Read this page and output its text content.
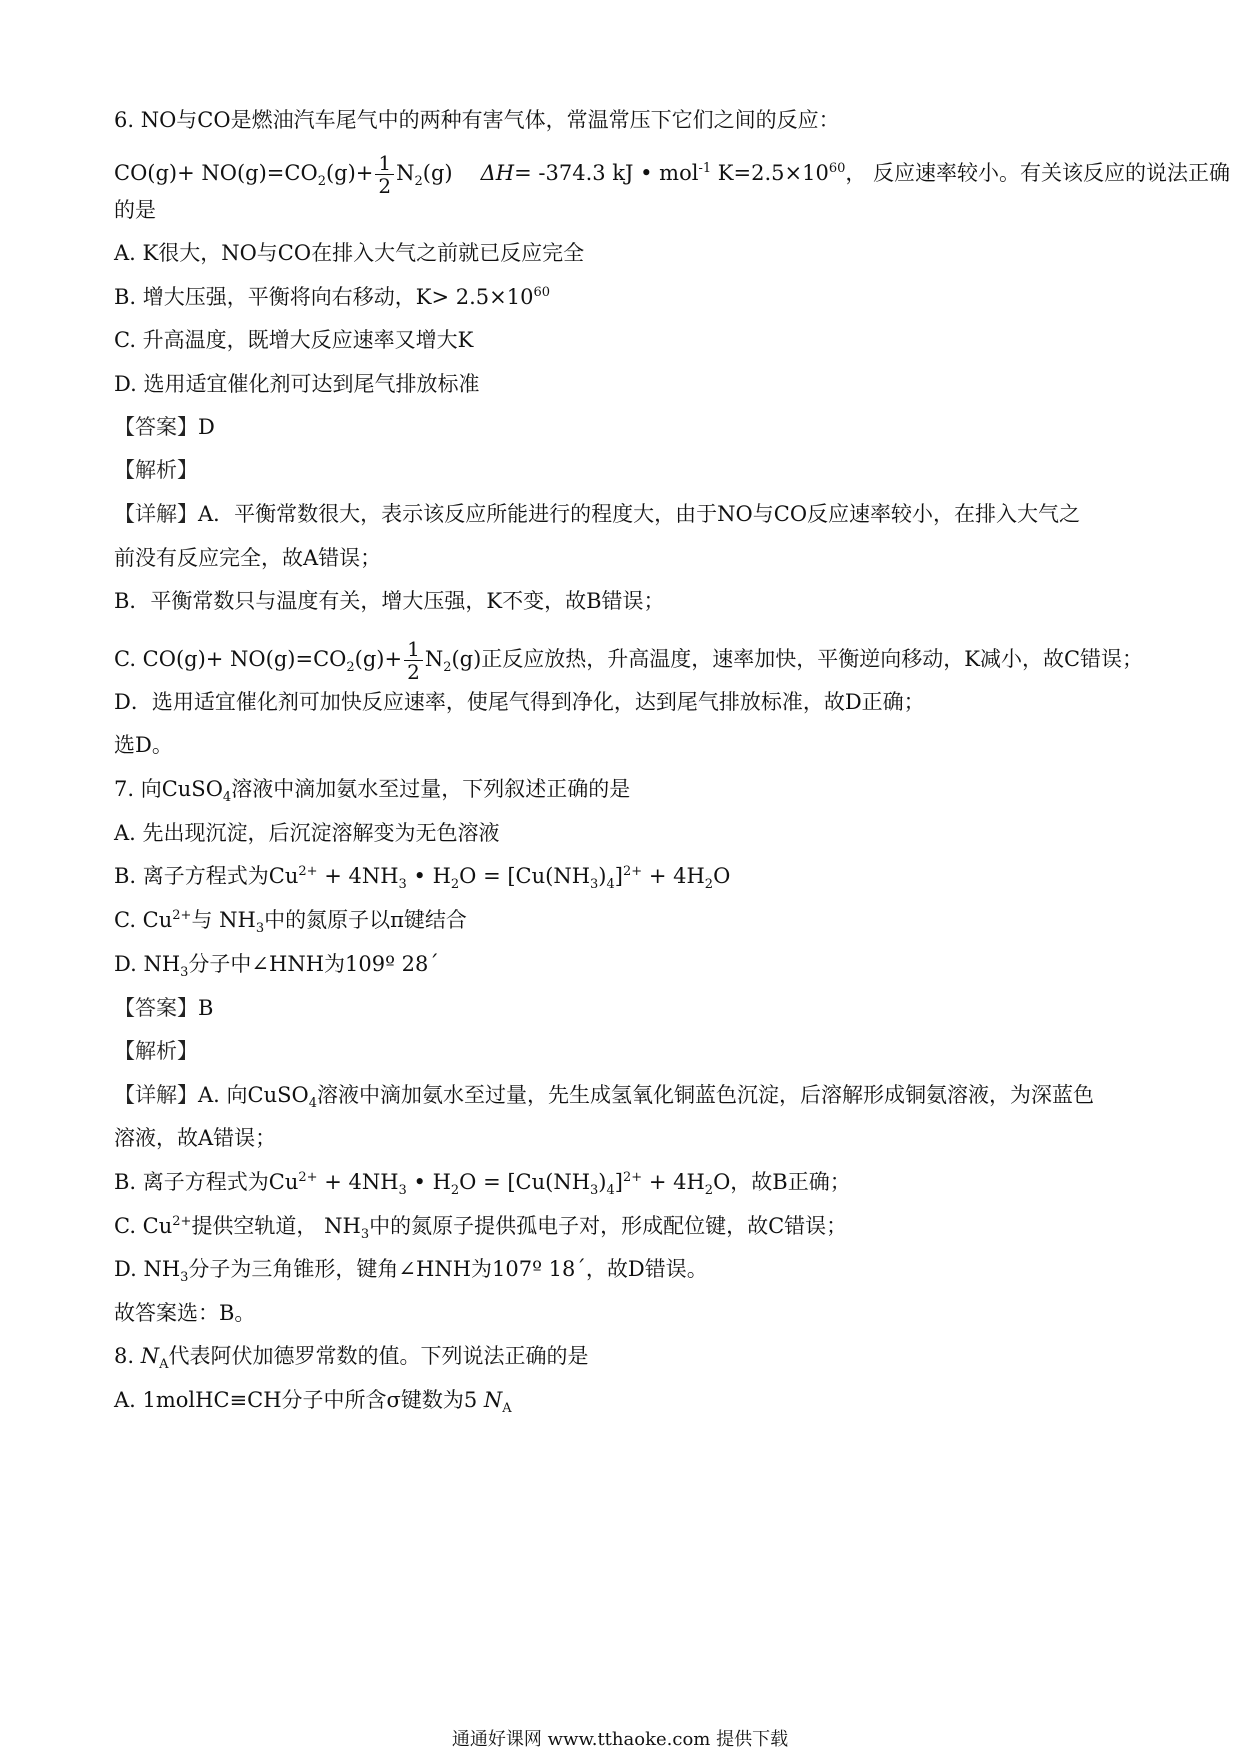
6. NO与CO是燃油汽车尾气中的两种有害气体，常温常压下它们之间的反应：
$CO(g)+ NO(g)=CO_2(g)+ \frac{1}{2} N_2(g)$ ΔH= -374.3 kJ • mol$^{-1}$ $K=2.5\times 10^{60}$， 反应速率较小。有关该反应的说法正确
的是
A. K很大，NO与CO在排入大气之前就已反应完全
B. 增大压强，平衡将向右移动，$K> 2.5\times 10^{60}$
C. 升高温度，既增大反应速率又增大K
D. 选用适宜催化剂可达到尾气排放标准
【答案】D
【解析】
【详解】A．平衡常数很大，表示该反应所能进行的程度大，由于NO与CO反应速率较小，在排入大气之
前没有反应完全，故A错误；
B．平衡常数只与温度有关，增大压强，K不变，故B错误；
C. $CO(g)+ NO(g)=CO_2(g)+ \frac{1}{2} N_2(g)$正反应放热，升高温度，速率加快，平衡逆向移动，K减小，故C错误；
D．选用适宜催化剂可加快反应速率，使尾气得到净化，达到尾气排放标准，故D正确；
选D。
7. 向CuSO$_4$溶液中滴加氨水至过量，下列叙述正确的是
A. 先出现沉淀，后沉淀溶解变为无色溶液
B. 离子方程式为$Cu^{2+} + 4NH_3$ • $H_2O = [Cu(NH_3)_4]^{2+} + 4H_2O$
C. $Cu^{2+}$与 $NH_3$中的氮原子以π键结合
D. $NH_3$分子中∠HNH为109º 28´
【答案】B
【解析】
【详解】A. 向CuSO$_4$溶液中滴加氨水至过量，先生成氢氧化铜蓝色沉淀，后溶解形成铜氨溶液，为深蓝色
溶液，故A错误；
B. 离子方程式为$Cu^{2+} + 4NH_3$ • $H_2O = [Cu(NH_3)_4]^{2+} + 4H_2O$，故B正确；
C. $Cu^{2+}$提供空轨道， $NH_3$中的氮原子提供孤电子对，形成配位键，故C错误；
D. $NH_3$分子为三角锥形，键角∠HNH为107º 18´，故D错误。
故答案选：B。
8. $N_A$代表阿伏加德罗常数的值。下列说法正确的是
A. 1molHC≡CH分子中所含σ键数为5 $N_A$
通通好课网 www.tthaoke.com 提供下载
